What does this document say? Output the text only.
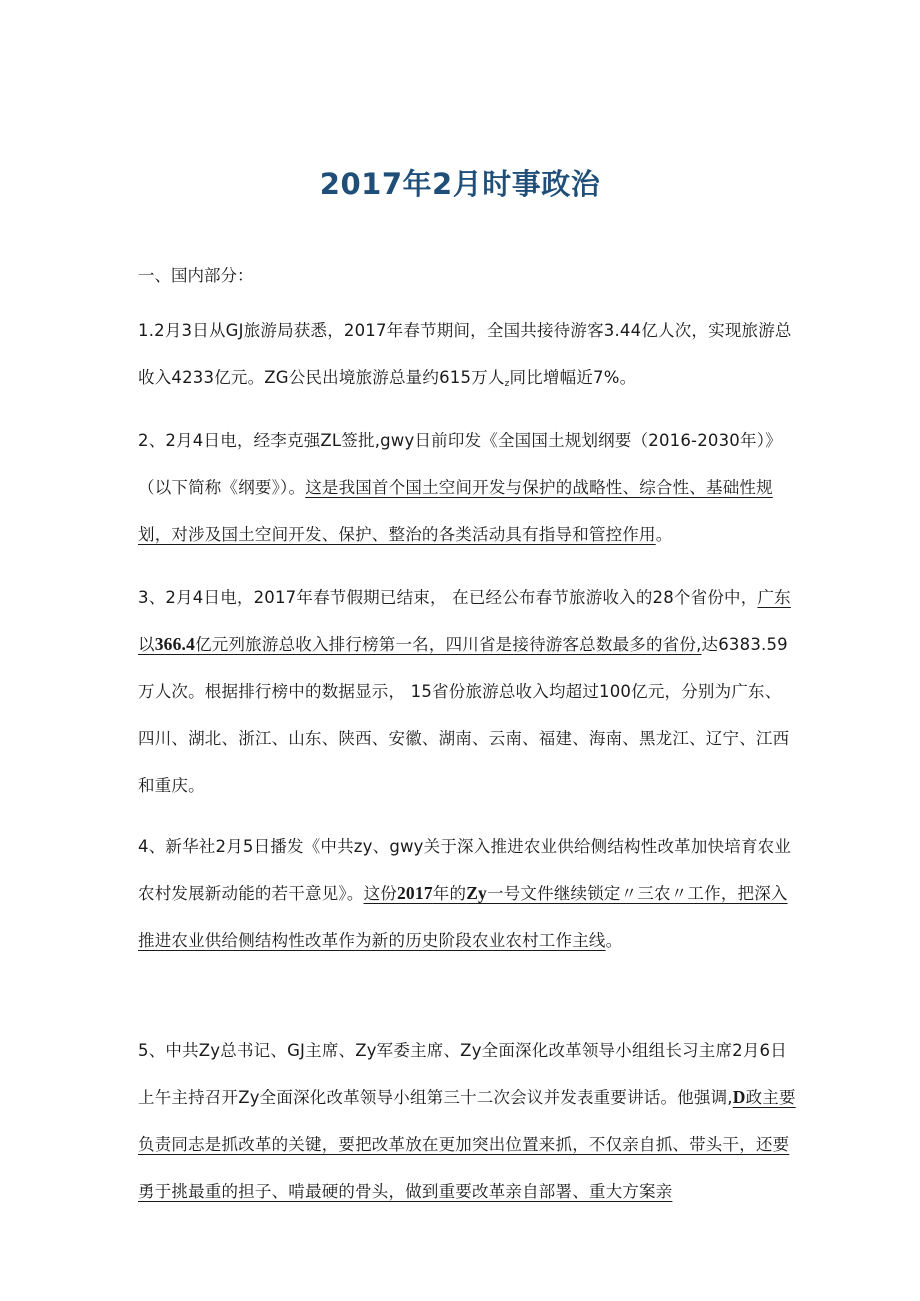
2017年2月时事政治
一、国内部分：
1.2月3日从GJ旅游局获悉，2017年春节期间，全国共接待游客3.44亿人次，实现旅游总收入4233亿元。ZG公民出境旅游总量约615万人$_z$同比增幅近7%。
2、2月4日电，经李克强ZL签批,gwy日前印发《全国国土规划纲要（2016-2030年）》（以下简称《纲要》）。这是我国首个国土空间开发与保护的战略性、综合性、基础性规划，对涉及国土空间开发、保护、整治的各类活动具有指导和管控作用。
3、2月4日电，2017年春节假期已结束， 在已经公布春节旅游收入的28个省份中，广东以366.4亿元列旅游总收入排行榜第一名，四川省是接待游客总数最多的省份,达6383.59万人次。根据排行榜中的数据显示， 15省份旅游总收入均超过100亿元，分别为广东、四川、湖北、浙江、山东、陕西、安徽、湖南、云南、福建、海南、黑龙江、辽宁、江西和重庆。
4、新华社2月5日播发《中共zy、gwy关于深入推进农业供给侧结构性改革加快培育农业农村发展新动能的若干意见》。这份2017年的Zy一号文件继续锁定〃三农〃工作，把深入推进农业供给侧结构性改革作为新的历史阶段农业农村工作主线。
5、中共Zy总书记、GJ主席、Zy军委主席、Zy全面深化改革领导小组组长习主席2月6日上午主持召开Zy全面深化改革领导小组第三十二次会议并发表重要讲话。他强调,D政主要负责同志是抓改革的关键，要把改革放在更加突出位置来抓，不仅亲自抓、带头干，还要勇于挑最重的担子、啃最硬的骨头，做到重要改革亲自部署、重大方案亲
